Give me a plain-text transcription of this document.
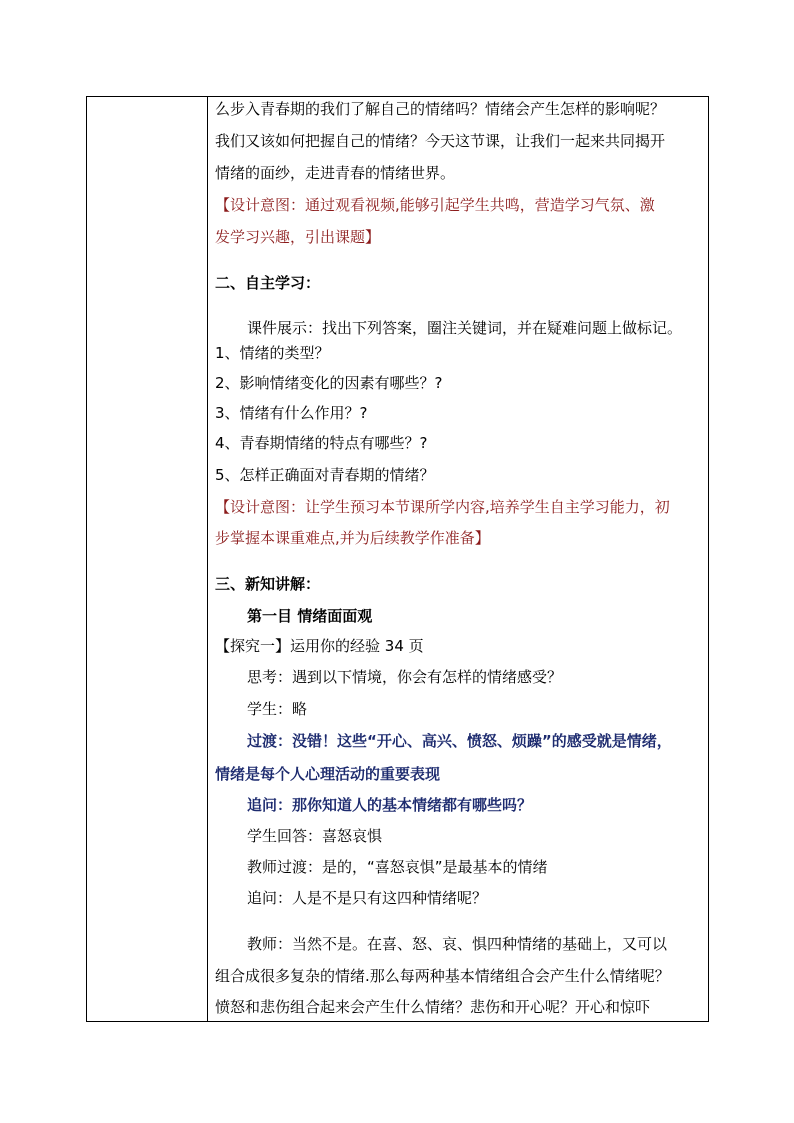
么步入青春期的我们了解自己的情绪吗？情绪会产生怎样的影响呢？
我们又该如何把握自己的情绪？今天这节课，让我们一起来共同揭开
情绪的面纱，走进青春的情绪世界。
【设计意图：通过观看视频,能够引起学生共鸣，营造学习气氛、激
发学习兴趣，引出课题】
二、自主学习：
课件展示：找出下列答案，圈注关键词，并在疑难问题上做标记。
1、情绪的类型？
2、影响情绪变化的因素有哪些？?
3、情绪有什么作用？?
4、青春期情绪的特点有哪些？?
5、怎样正确面对青春期的情绪？
【设计意图：让学生预习本节课所学内容,培养学生自主学习能力，初
步掌握本课重难点,并为后续教学作准备】
三、新知讲解：
第一目 情绪面面观
【探究一】运用你的经验 34 页
思考：遇到以下情境，你会有怎样的情绪感受？
学生：略
过渡：没错！这些“开心、高兴、愤怒、烦躁”的感受就是情绪，
情绪是每个人心理活动的重要表现
追问：那你知道人的基本情绪都有哪些吗？
学生回答：喜怒哀惧
教师过渡：是的，“喜怒哀惧”是最基本的情绪
追问：人是不是只有这四种情绪呢？
教师：当然不是。在喜、怒、哀、惧四种情绪的基础上，又可以
组合成很多复杂的情绪.那么每两种基本情绪组合会产生什么情绪呢？
愤怒和悲伤组合起来会产生什么情绪？悲伤和开心呢？开心和惊吓
